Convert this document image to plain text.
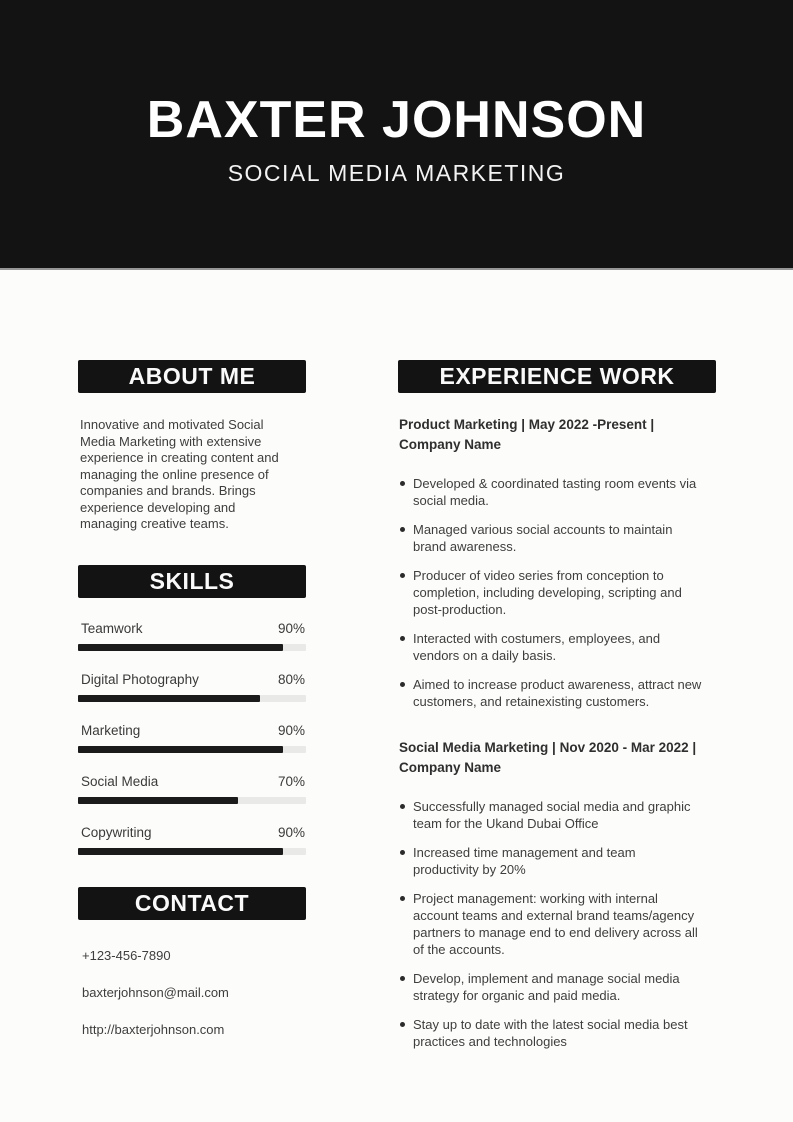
BAXTER JOHNSON
SOCIAL MEDIA MARKETING
ABOUT ME

Innovative and motivated Social Media Marketing with extensive experience in creating content and managing the online presence of companies and brands. Brings experience developing and managing creative teams.

SKILLS
Teamwork	90%
Digital Photography	80%
Marketing	90%
Social Media	70%
Copywriting	90%
CONTACT
+123-456-7890
baxterjohnson@mail.com
http://baxterjohnson.com
EXPERIENCE WORK
Product Marketing | May 2022 -Present | Company Name
Developed & coordinated tasting room events via social media.
Managed various social accounts to maintain brand awareness.
Producer of video series from conception to completion, including developing, scripting and post-production.
Interacted with costumers, employees, and vendors on a daily basis.
Aimed to increase product awareness, attract new customers, and retainexisting customers.
Social Media Marketing | Nov 2020 - Mar 2022 | Company Name
Successfully managed social media and graphic team for the Ukand Dubai Office
Increased time management and team productivity by 20%
Project management: working with internal account teams and external brand teams/agency partners to manage end to end delivery across all of the accounts.
Develop, implement and manage social media strategy for organic and paid media.
Stay up to date with the latest social media best practices and technologies
